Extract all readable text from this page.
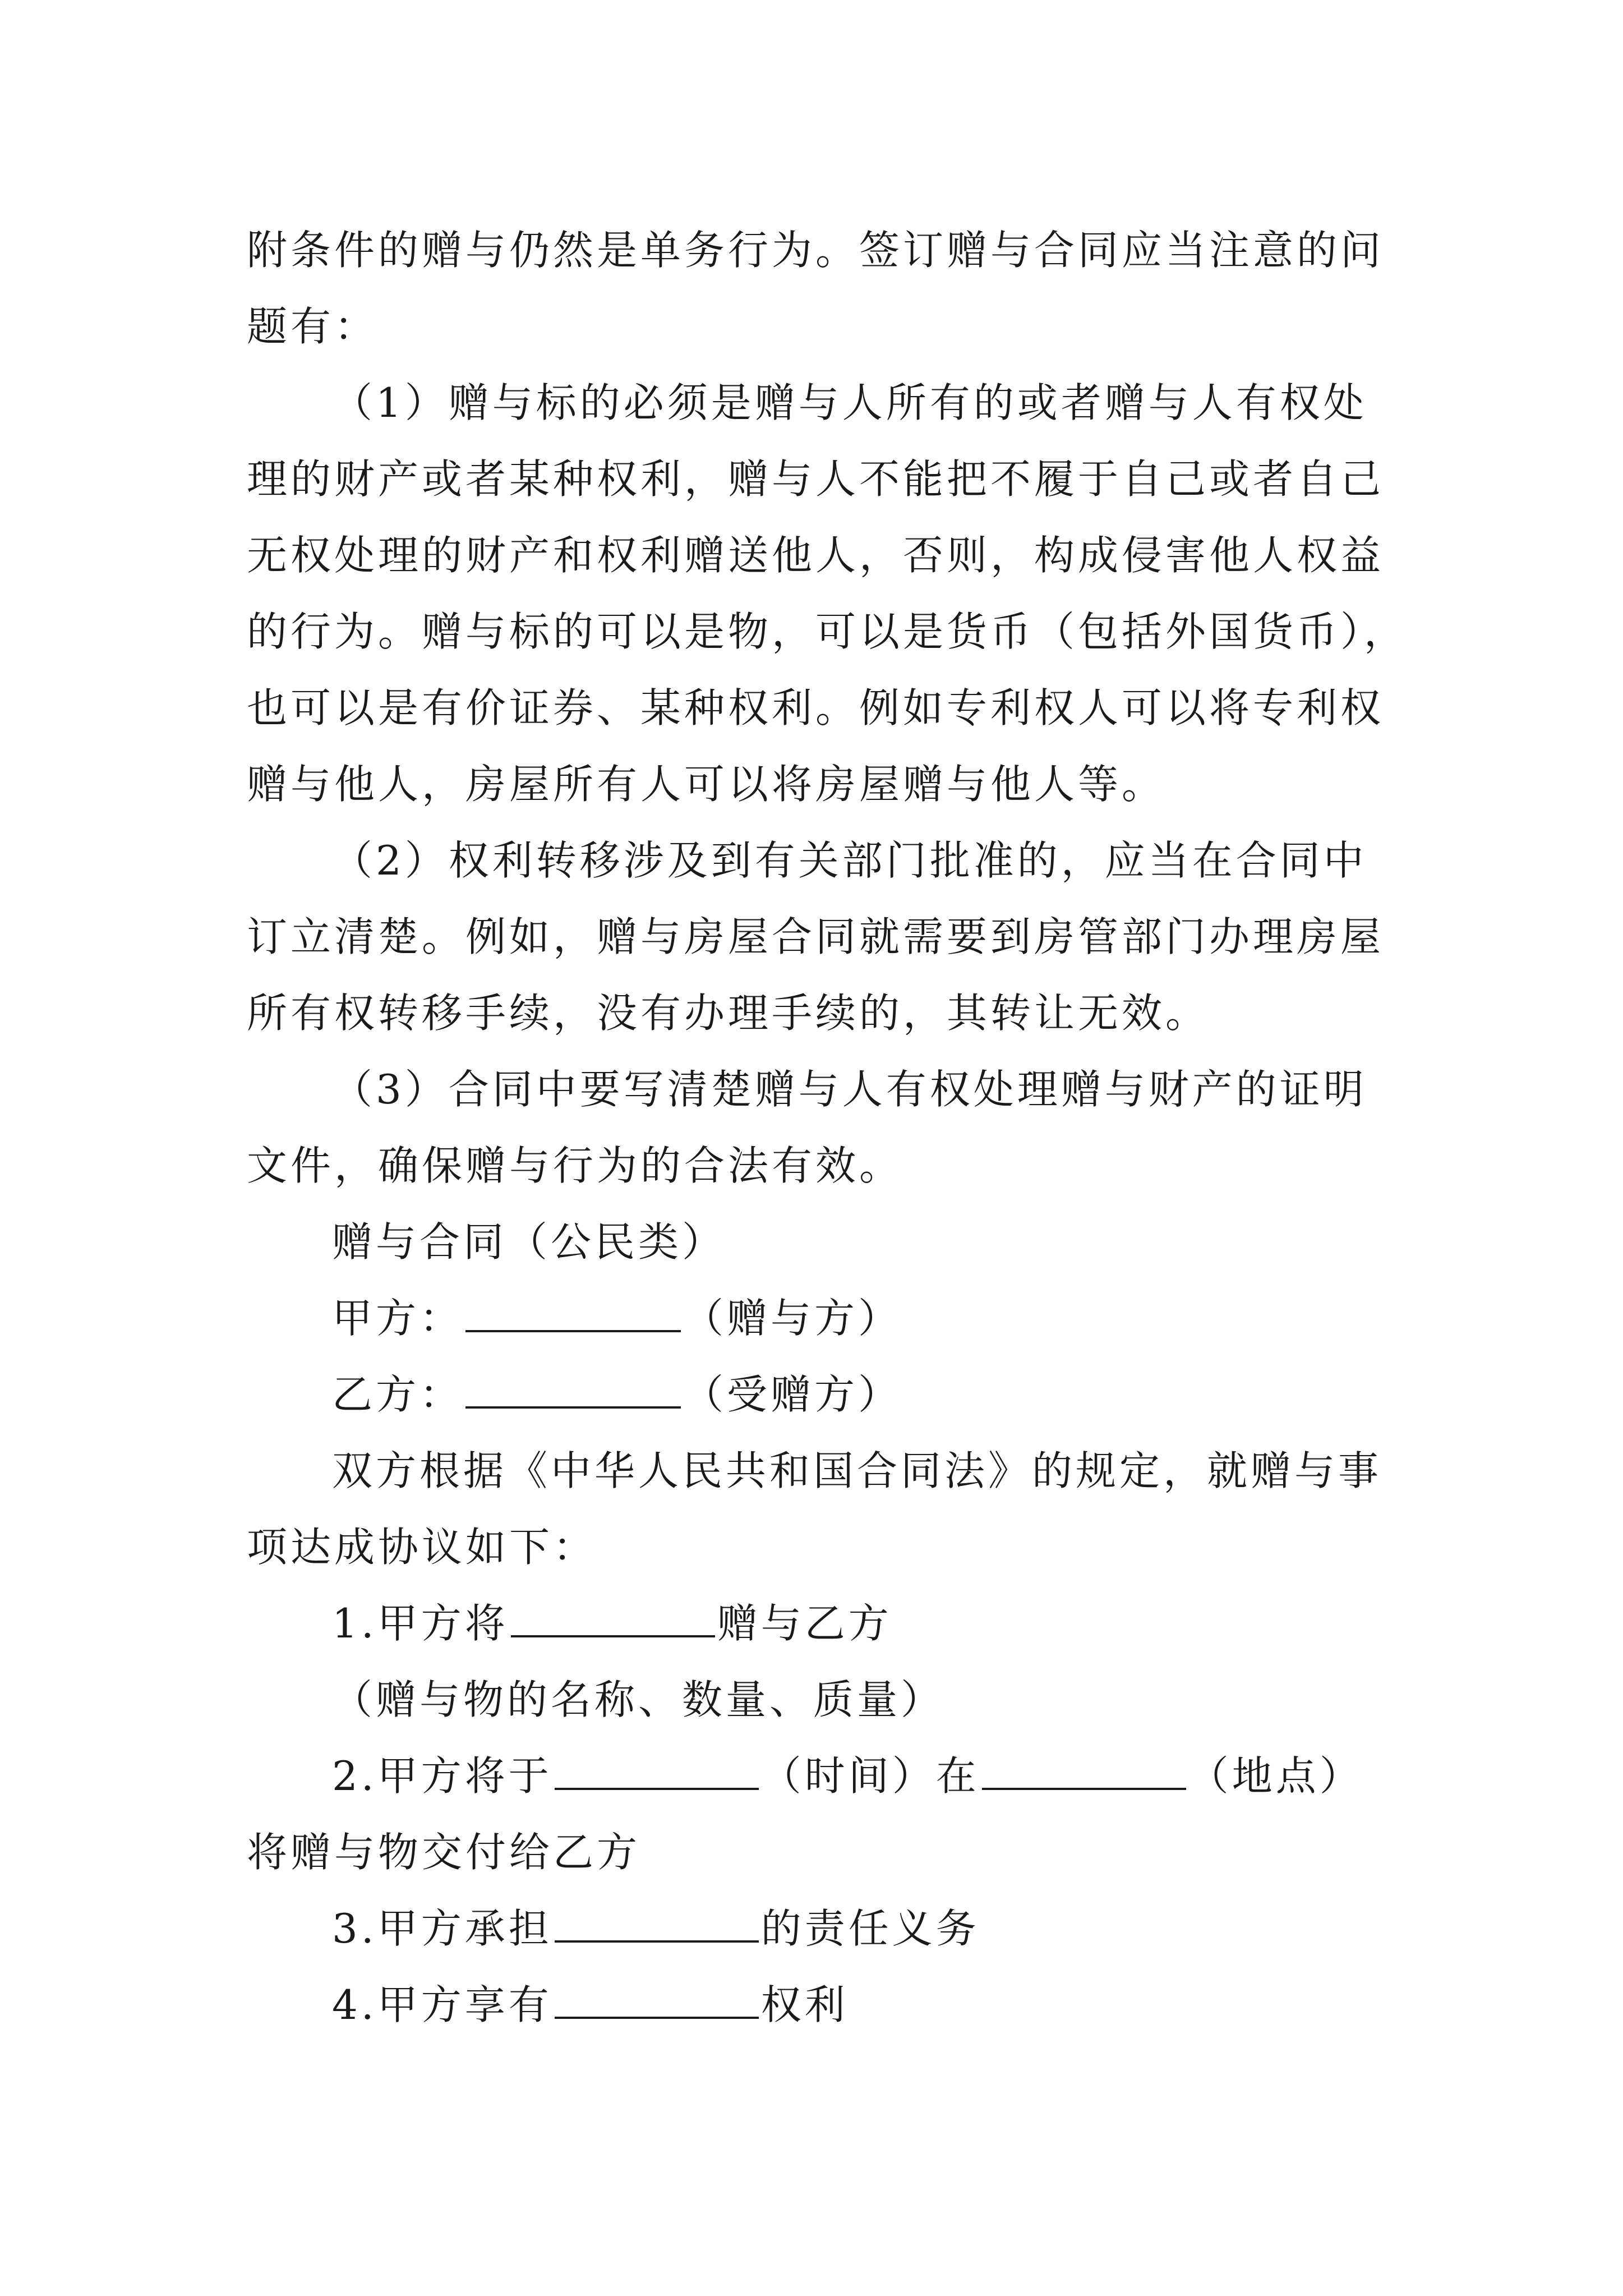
附条件的赠与仍然是单务行为。签订赠与合同应当注意的问
题有：
（1）赠与标的必须是赠与人所有的或者赠与人有权处
理的财产或者某种权利，赠与人不能把不履于自己或者自己
无权处理的财产和权利赠送他人，否则，构成侵害他人权益
的行为。赠与标的可以是物，可以是货币（包括外国货币），
也可以是有价证券、某种权利。例如专利权人可以将专利权
赠与他人，房屋所有人可以将房屋赠与他人等。
（2）权利转移涉及到有关部门批准的，应当在合同中
订立清楚。例如，赠与房屋合同就需要到房管部门办理房屋
所有权转移手续，没有办理手续的，其转让无效。
（3）合同中要写清楚赠与人有权处理赠与财产的证明
文件，确保赠与行为的合法有效。
赠与合同（公民类）
甲方：	（赠与方）
乙方：	（受赠方）
双方根据《中华人民共和国合同法》的规定，就赠与事
项达成协议如下：
1.甲方将	赠与乙方
（赠与物的名称、数量、质量）
2.甲方将于	（时间）在	（地点）
将赠与物交付给乙方
3.甲方承担	的责任义务
4.甲方享有	权利
